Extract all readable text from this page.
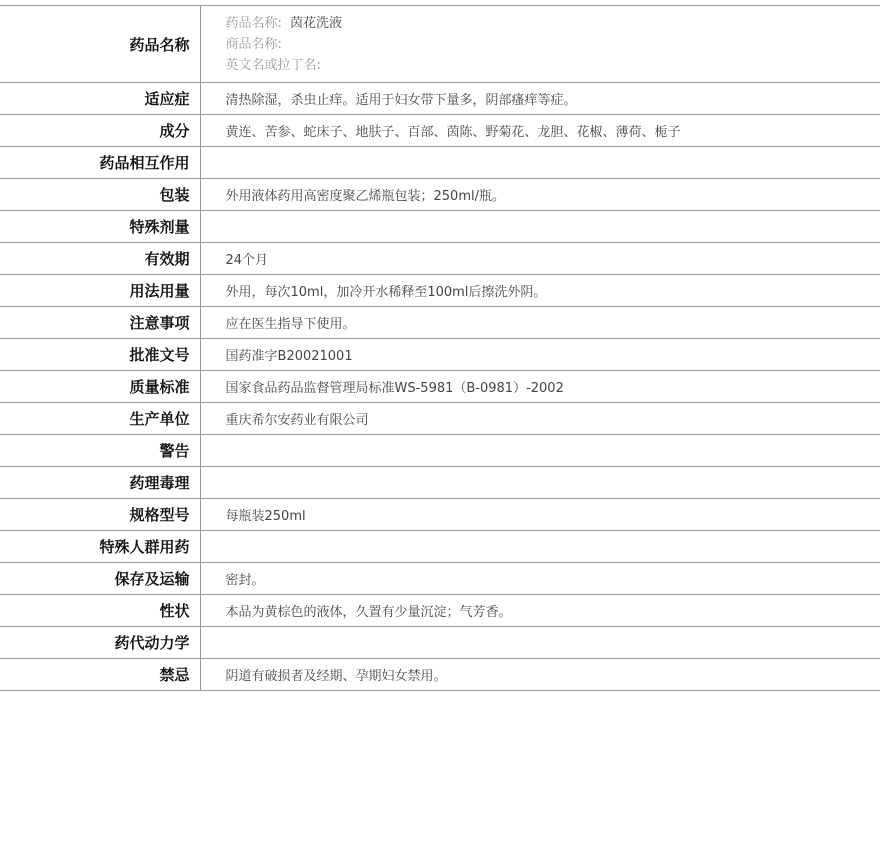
药品名称	药品名称: 茵花洗液
商品名称:
英文名或拉丁名:

适应症	清热除湿，杀虫止痒。适用于妇女带下量多，阴部瘙痒等症。
成分	黄连、苦参、蛇床子、地肤子、百部、茵陈、野菊花、龙胆、花椒、薄荷、栀子
药品相互作用	
包装	外用液体药用高密度聚乙烯瓶包装；250ml/瓶。
特殊剂量	
有效期	24个月
用法用量	外用，每次10ml，加冷开水稀释至100ml后擦洗外阴。
注意事项	应在医生指导下使用。
批准文号	国药准字B20021001
质量标准	国家食品药品监督管理局标准WS-5981（B-0981）-2002
生产单位	重庆希尔安药业有限公司
警告	
药理毒理	
规格型号	每瓶装250ml
特殊人群用药	
保存及运输	密封。
性状	本品为黄棕色的液体，久置有少量沉淀；气芳香。
药代动力学	
禁忌	阴道有破损者及经期、孕期妇女禁用。
